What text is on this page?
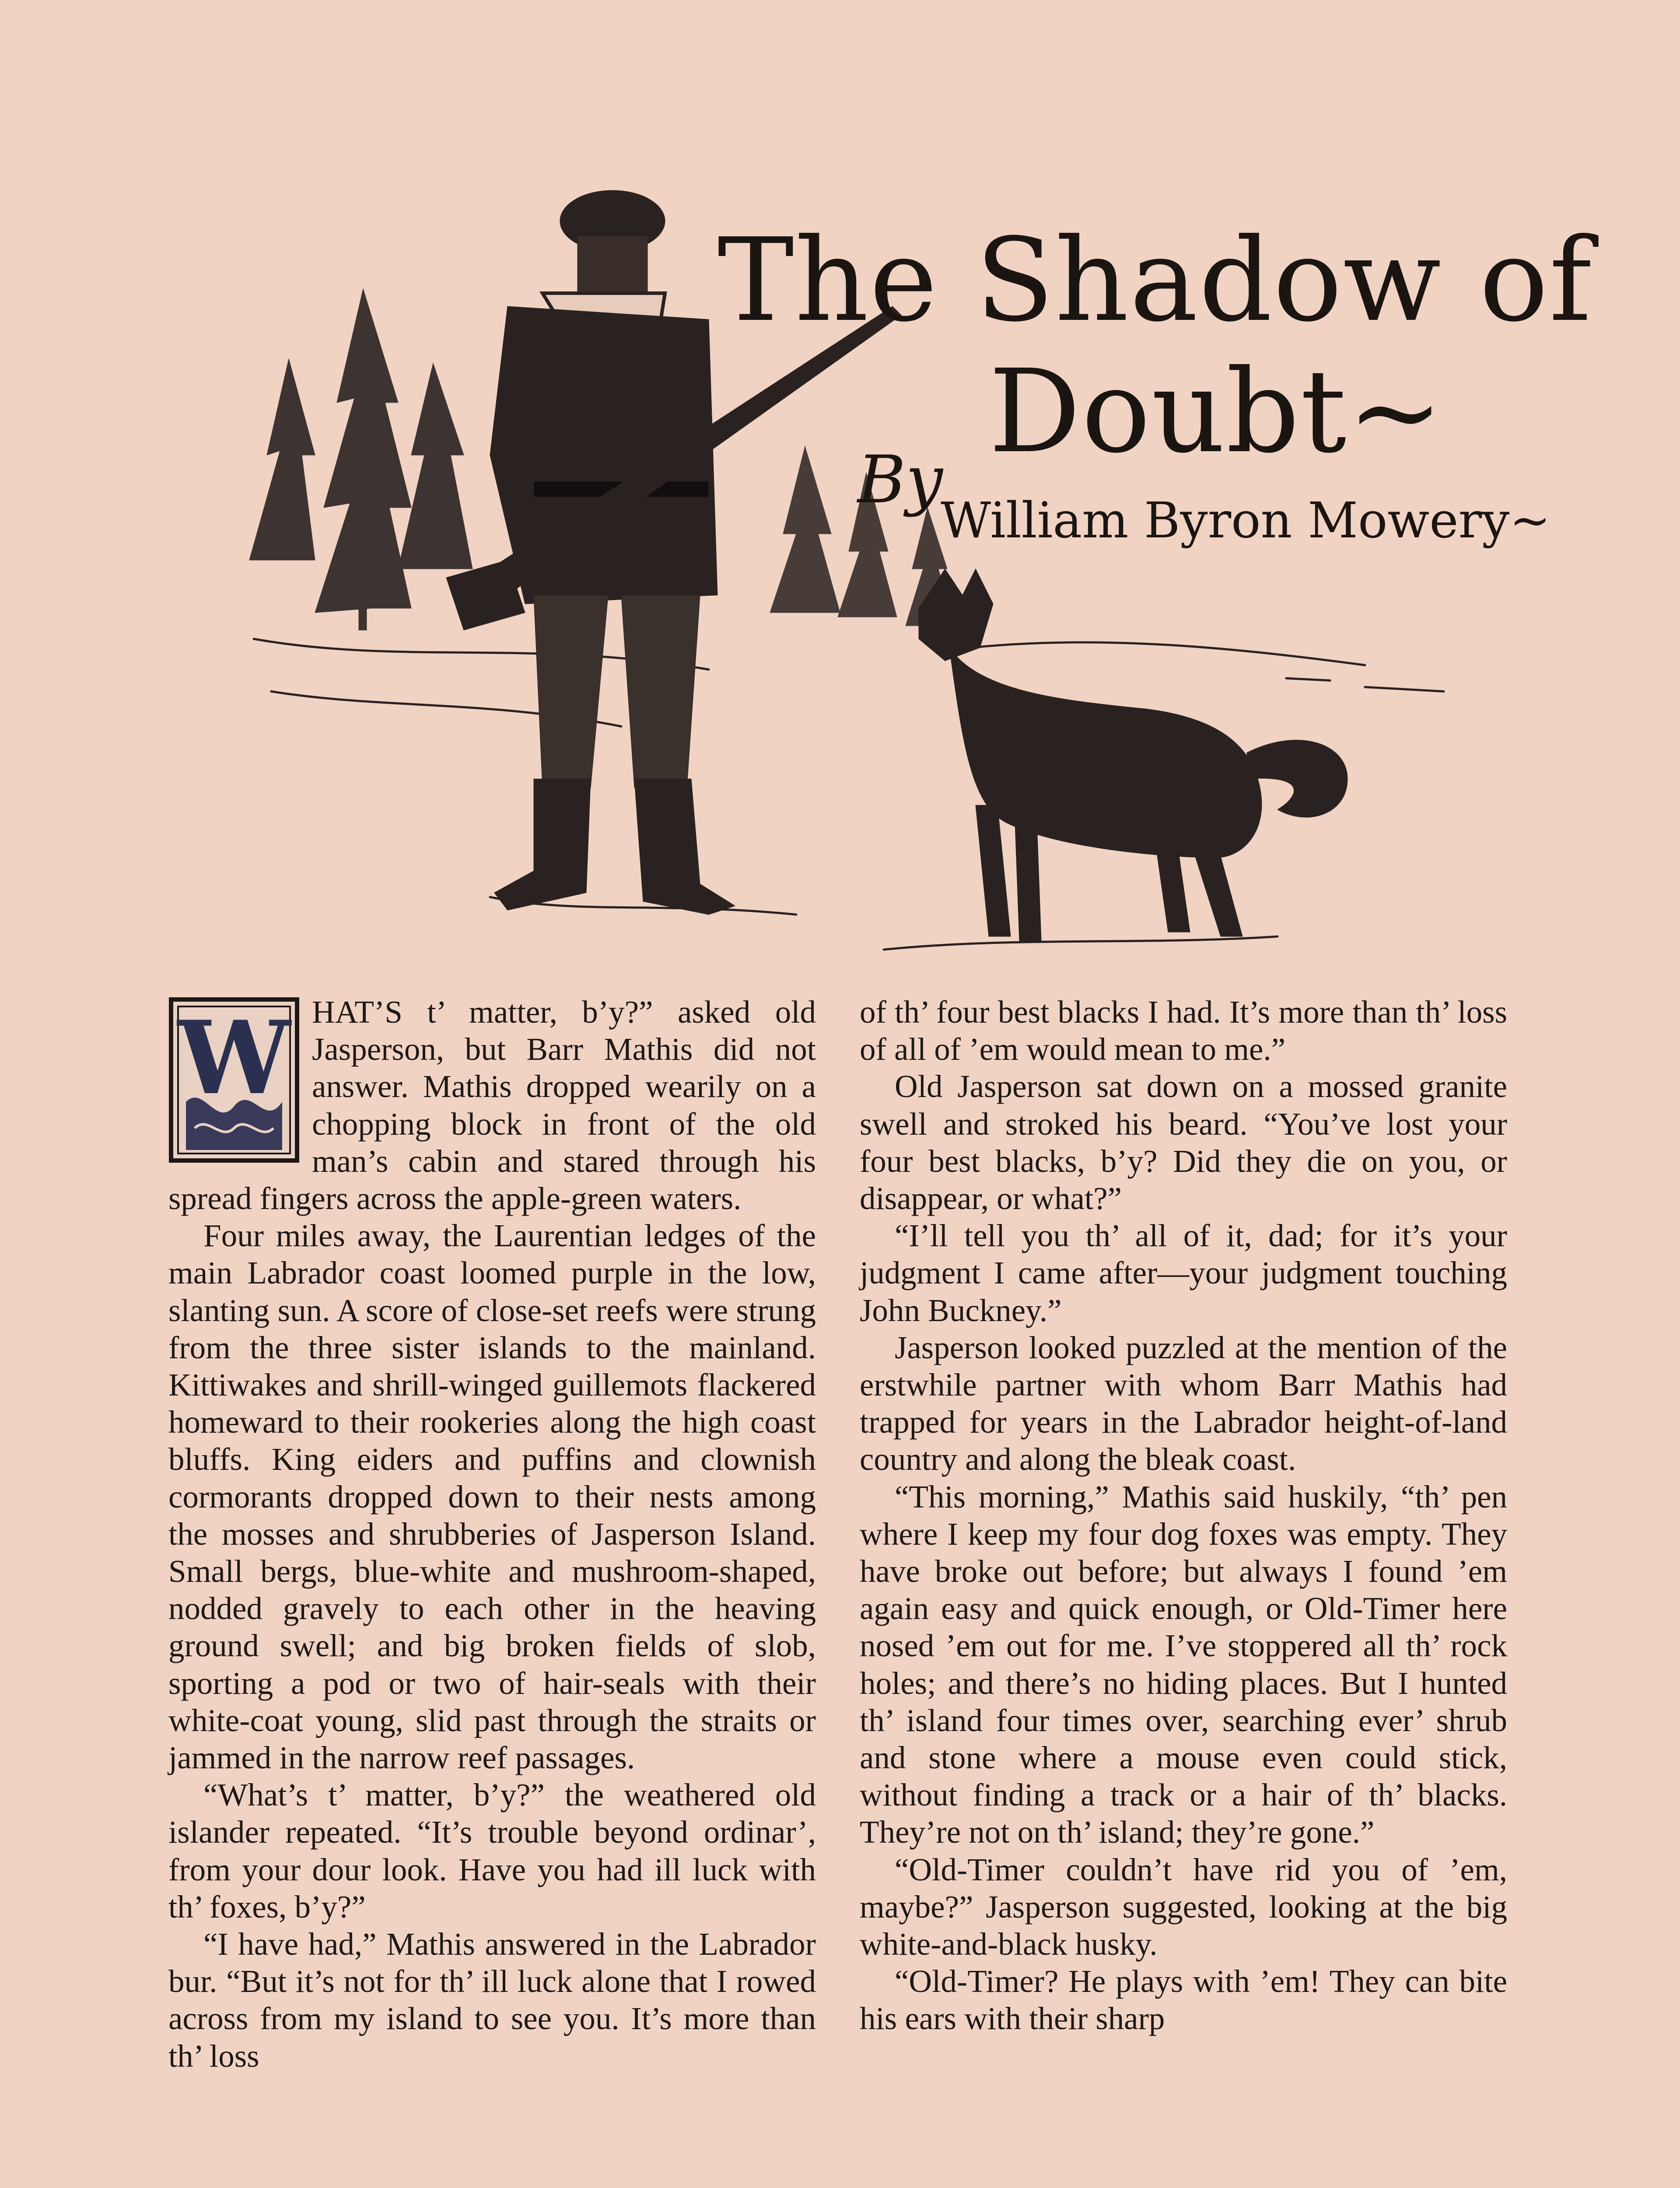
The Shadow of
Doubt~
By
William Byron Mowery~
W HAT’S t’ matter, b’y?” asked old Jasperson, but Barr Mathis did not answer. Mathis dropped wearily on a chopping block in front of the old man’s cabin and stared through his spread fingers across the apple-green waters.

Four miles away, the Laurentian ledges of the main Labrador coast loomed purple in the low, slanting sun. A score of close-set reefs were strung from the three sister islands to the mainland. Kittiwakes and shrill-winged guillemots flackered homeward to their rookeries along the high coast bluffs. King eiders and puffins and clownish cormorants dropped down to their nests among the mosses and shrubberies of Jasperson Island. Small bergs, blue-white and mushroom-shaped, nodded gravely to each other in the heaving ground swell; and big broken fields of slob, sporting a pod or two of hair-seals with their white-coat young, slid past through the straits or jammed in the narrow reef passages.

“What’s t’ matter, b’y?” the weathered old islander repeated. “It’s trouble beyond ordinar’, from your dour look. Have you had ill luck with th’ foxes, b’y?”

“I have had,” Mathis answered in the Labrador bur. “But it’s not for th’ ill luck alone that I rowed across from my island to see you. It’s more than th’ loss

of th’ four best blacks I had. It’s more than th’ loss of all of ’em would mean to me.”

Old Jasperson sat down on a mossed granite swell and stroked his beard. “You’ve lost your four best blacks, b’y? Did they die on you, or disappear, or what?”

“I’ll tell you th’ all of it, dad; for it’s your judgment I came after—your judgment touching John Buckney.”

Jasperson looked puzzled at the mention of the erstwhile partner with whom Barr Mathis had trapped for years in the Labrador height-of-land country and along the bleak coast.

“This morning,” Mathis said huskily, “th’ pen where I keep my four dog foxes was empty. They have broke out before; but always I found ’em again easy and quick enough, or Old-Timer here nosed ’em out for me. I’ve stoppered all th’ rock holes; and there’s no hiding places. But I hunted th’ island four times over, searching ever’ shrub and stone where a mouse even could stick, without finding a track or a hair of th’ blacks. They’re not on th’ island; they’re gone.”

“Old-Timer couldn’t have rid you of ’em, maybe?” Jasperson suggested, looking at the big white-and-black husky.

“Old-Timer? He plays with ’em! They can bite his ears with their sharp
